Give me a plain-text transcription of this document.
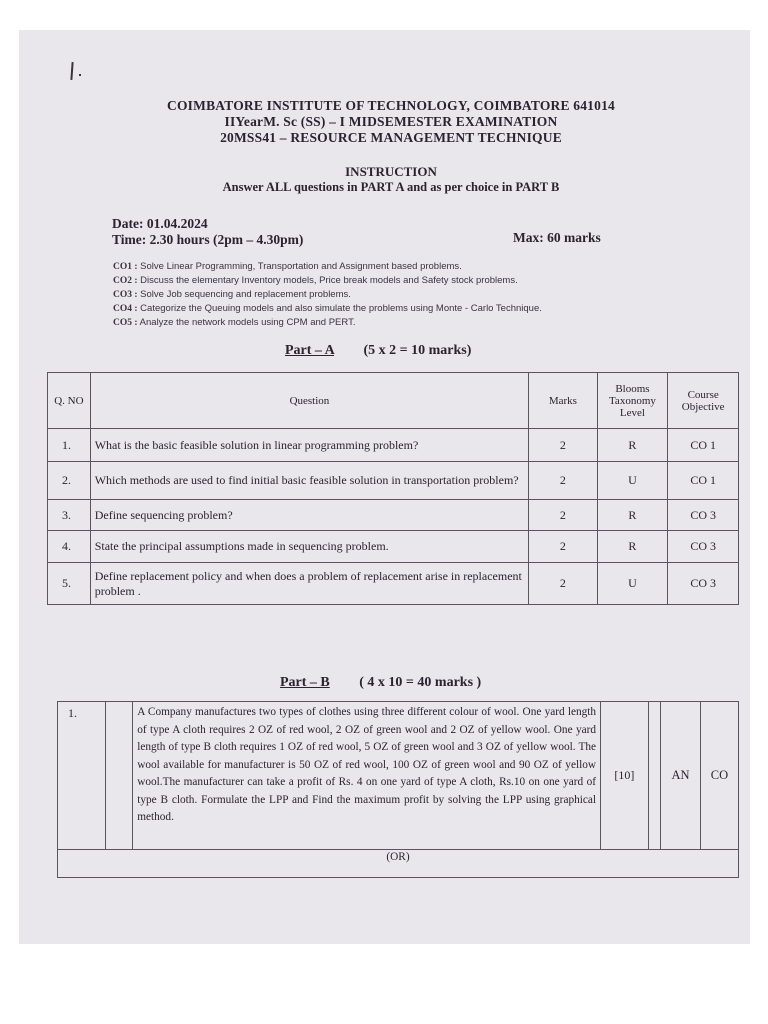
COIMBATORE INSTITUTE OF TECHNOLOGY, COIMBATORE 641014
IIYearM. Sc (SS) – I MIDSEMESTER EXAMINATION
20MSS41 – RESOURCE MANAGEMENT TECHNIQUE
INSTRUCTION
Answer ALL questions in PART A and as per choice in PART B
Date: 01.04.2024
Time: 2.30 hours (2pm – 4.30pm)	Max: 60 marks
CO1 : Solve Linear Programming, Transportation and Assignment based problems.
CO2 : Discuss the elementary Inventory models, Price break models and Safety stock problems.
CO3 : Solve Job sequencing and replacement problems.
CO4 : Categorize the Queuing models and also simulate the problems using Monte - Carlo Technique.
CO5 : Analyze the network models using CPM and PERT.
Part – A (5 x 2 = 10 marks)
Q. NO	Question	Marks	Blooms Taxonomy Level	Course Objective
1.	What is the basic feasible solution in linear programming problem?	2	R	CO 1
2.	Which methods are used to find initial basic feasible solution in transportation problem?	2	U	CO 1
3.	Define sequencing problem?	2	R	CO 3
4.	State the principal assumptions made in sequencing problem.	2	R	CO 3
5.	Define replacement policy and when does a problem of replacement arise in replacement problem .	2	U	CO 3
Part – B ( 4 x 10 = 40 marks )
1.		A Company manufactures two types of clothes using three different colour of wool. One yard length of type A cloth requires 2 OZ of red wool, 2 OZ of green wool and 2 OZ of yellow wool. One yard length of type B cloth requires 1 OZ of red wool, 5 OZ of green wool and 3 OZ of yellow wool. The wool available for manufacturer is 50 OZ of red wool, 100 OZ of green wool and 90 OZ of yellow wool.The manufacturer can take a profit of Rs. 4 on one yard of type A cloth, Rs.10 on one yard of type B cloth. Formulate the LPP and Find the maximum profit by solving the LPP using graphical method.	[10]		AN	CO
(OR)
